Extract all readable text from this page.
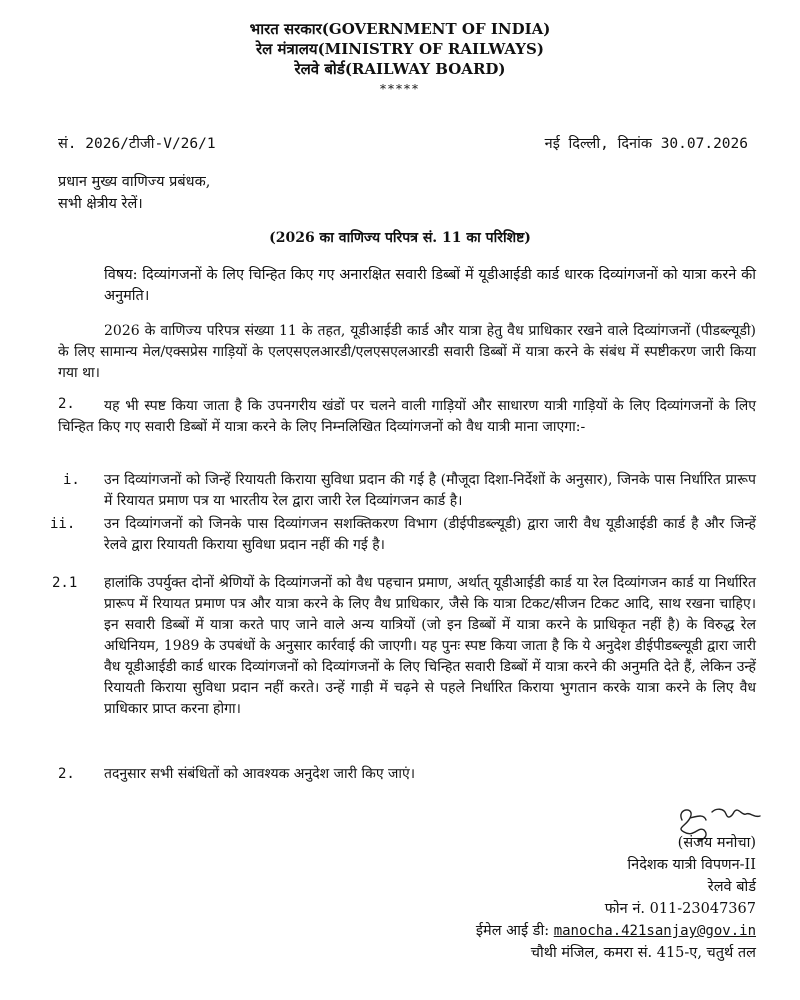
भारत सरकार(GOVERNMENT OF INDIA)
रेल मंत्रालय(MINISTRY OF RAILWAYS)
रेलवे बोर्ड(RAILWAY BOARD)
*****
सं. 2026/टीजी-V/26/1	नई दिल्ली, दिनांक 30.07.2026
प्रधान मुख्य वाणिज्य प्रबंधक,
सभी क्षेत्रीय रेलें।
(2026 का वाणिज्य परिपत्र सं. 11 का परिशिष्ट)
विषय: दिव्यांगजनों के लिए चिन्हित किए गए अनारक्षित सवारी डिब्बों में यूडीआईडी कार्ड धारक दिव्यांगजनों को यात्रा करने की अनुमति।
2026 के वाणिज्य परिपत्र संख्या 11 के तहत, यूडीआईडी कार्ड और यात्रा हेतु वैध प्राधिकार रखने वाले दिव्यांगजनों (पीडब्ल्यूडी) के लिए सामान्य मेल/एक्सप्रेस गाड़ियों के एलएसएलआरडी/एलएसएलआरडी सवारी डिब्बों में यात्रा करने के संबंध में स्पष्टीकरण जारी किया गया था।
2.	यह भी स्पष्ट किया जाता है कि उपनगरीय खंडों पर चलने वाली गाड़ियों और साधारण यात्री गाड़ियों के लिए दिव्यांगजनों के लिए चिन्हित किए गए सवारी डिब्बों में यात्रा करने के लिए निम्नलिखित दिव्यांगजनों को वैध यात्री माना जाएगा:-
i. उन दिव्यांगजनों को जिन्हें रियायती किराया सुविधा प्रदान की गई है (मौजूदा दिशा-निर्देशों के अनुसार), जिनके पास निर्धारित प्रारूप में रियायत प्रमाण पत्र या भारतीय रेल द्वारा जारी रेल दिव्यांगजन कार्ड है।
ii. उन दिव्यांगजनों को जिनके पास दिव्यांगजन सशक्तिकरण विभाग (डीईपीडब्ल्यूडी) द्वारा जारी वैध यूडीआईडी कार्ड है और जिन्हें रेलवे द्वारा रियायती किराया सुविधा प्रदान नहीं की गई है।
2.1 हालांकि उपर्युक्त दोनों श्रेणियों के दिव्यांगजनों को वैध पहचान प्रमाण, अर्थात् यूडीआईडी कार्ड या रेल दिव्यांगजन कार्ड या निर्धारित प्रारूप में रियायत प्रमाण पत्र और यात्रा करने के लिए वैध प्राधिकार, जैसे कि यात्रा टिकट/सीजन टिकट आदि, साथ रखना चाहिए। इन सवारी डिब्बों में यात्रा करते पाए जाने वाले अन्य यात्रियों (जो इन डिब्बों में यात्रा करने के प्राधिकृत नहीं है) के विरुद्ध रेल अधिनियम, 1989 के उपबंधों के अनुसार कार्रवाई की जाएगी। यह पुनः स्पष्ट किया जाता है कि ये अनुदेश डीईपीडब्ल्यूडी द्वारा जारी वैध यूडीआईडी कार्ड धारक दिव्यांगजनों को दिव्यांगजनों के लिए चिन्हित सवारी डिब्बों में यात्रा करने की अनुमति देते हैं, लेकिन उन्हें रियायती किराया सुविधा प्रदान नहीं करते। उन्हें गाड़ी में चढ़ने से पहले निर्धारित किराया भुगतान करके यात्रा करने के लिए वैध प्राधिकार प्राप्त करना होगा।
2. तदनुसार सभी संबंधितों को आवश्यक अनुदेश जारी किए जाएं।
(संजय मनोचा)
निदेशक यात्री विपणन-II
रेलवे बोर्ड
फोन नं. 011-23047367
ईमेल आई डी: manocha.421sanjay@gov.in
चौथी मंजिल, कमरा सं. 415-ए, चतुर्थ तल
